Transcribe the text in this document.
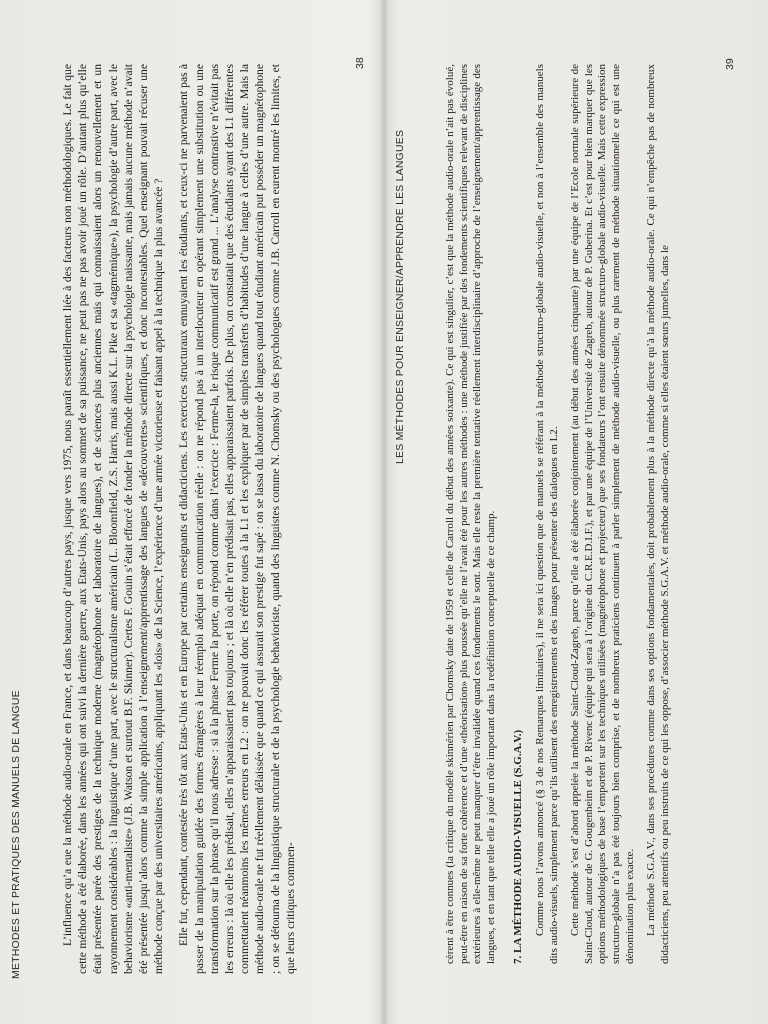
METHODES ET PRATIQUES DES MANUELS DE LANGUE
38

L’influence qu’a eue la méthode audio-orale en France, et dans beaucoup d’autres pays, jusque vers 1975, nous paraît essentiellement liée à des facteurs non méthodologiques. Le fait que cette méthode a été élaborée, dans les années qui ont suivi la dernière guerre, aux Etats-Unis, pays alors au sommet de sa puissance, ne peut pas ne pas avoir joué un rôle. D’autant plus qu’elle était présentée parée des prestiges de la technique moderne (magnétophone et laboratoire de langues), et de sciences plus anciennes mais qui connaissaient alors un renouvellement et un rayonnement considérables : la linguistique d’une part, avec le structuralisme américain (L. Bloomfield, Z.S. Harris, mais aussi K.L. Pike et sa «tagmémique»), la psychologie d’autre part, avec le behaviorisme «anti-mentaliste» (J.B. Watson et surtout B.F. Skinner). Certes F. Gouin s’était efforcé de fonder la méthode directe sur la psychologie naissante, mais jamais aucune méthode n’avait été présentée jusqu’alors comme la simple application à l’enseignement/apprentissage des langues de «découvertes» scientifiques, et donc incontestables. Quel enseignant pouvait récuser une méthode conçue par des universitaires américains, appliquant les «lois» de la Science, l’expérience d’une armée victorieuse et faisant appel à la technique la plus avancée ? Elle fut, cependant, contestée très tôt aux Etats-Unis et en Europe par certains enseignants et didacticiens. Les exercices structuraux ennuyaient les étudiants, et ceux-ci ne parvenaient pas à passer de la manipulation guidée des formes étrangères à leur réemploi adéquat en communication réelle : on ne répond pas à un interlocuteur en opérant simplement une substitution ou une transformation sur la phrase qu’il nous adresse : si à la phrase Ferme la porte, on répond comme dans l’exercice : Ferme-la, le risque communicatif est grand ... L’analyse contrastive n’évitait pas les erreurs : là où elle les prédisait, elles n’apparaissaient pas toujours ; et là où elle n’en prédisait pas, elles apparaissaient parfois. De plus, on constatait que des étudiants ayant des L1 différentes commettaient néanmoins les mêmes erreurs en L2 : on ne pouvait donc les référer toutes à la L1 et les expliquer par de simples transferts d’habitudes d’une langue à celles d’une autre. Mais la méthode audio-orale ne fut réellement délaissée que quand ce qui assurait son prestige fut sapé : on se lassa du laboratoire de langues quand tout étudiant américain put posséder un magnétophone ; on se détourna de la linguistique structurale et de la psychologie behavioriste, quand des linguistes comme N. Chomsky ou des psychologues comme J.B. Carroll en eurent montré les limites, et que leurs critiques commen-

LES MÉTHODES POUR ENSEIGNER/APPRENDRE LES LANGUES
39

cèrent à être connues (la critique du modèle skinnérien par Chomsky date de 1959 et celle de Carroll du début des années soixante). Ce qui est singulier, c’est que la méthode audio-orale n’ait pas évolué, peut-être en raison de sa forte cohérence et d’une «théorisation» plus poussée qu’elle ne l’avait été pour les autres méthodes : une méthode justifiée par des fondements scientifiques relevant de disciplines extérieures à elle-même ne peut manquer d’être invalidée quand ces fondements le sont. Mais elle reste la première tentative réellement interdisciplinaire d’approche de l’enseignement/apprentissage des langues, et en tant que telle elle a joué un rôle important dans la redéfinition conceptuelle de ce champ. 7. LA MÉTHODE AUDIO-VISUELLE (S.G.A.V.) Comme nous l’avons annoncé (§ 3 de nos Remarques liminaires), il ne sera ici question que de manuels se référant à la méthode structuro-globale audio-visuelle, et non à l’ensemble des manuels dits audio-visuels, simplement parce qu’ils utilisent des enregistrements et des images pour présenter des dialogues en L2. Cette méthode s’est d’abord appelée la méthode Saint-Cloud-Zagreb, parce qu’elle a été élaborée conjointement (au début des années cinquante) par une équipe de l’Ecole normale supérieure de Saint-Cloud, autour de G. Gougenheim et de P. Rivenc (équipe qui sera à l’origine du C.R.E.D.I.F.), et par une équipe de l’Université de Zagreb, autour de P. Guberina. Et c’est pour bien marquer que les options méthodologiques de base l’emportent sur les techniques utilisées (magnétophone et projecteur) que ses fondateurs l’ont ensuite dénommée structuro-globale audio-visuelle. Mais cette expression structuro-globale n’a pas été toujours bien comprise, et de nombreux praticiens continuent à parler simplement de méthode audio-visuelle, ou plus rarement de méthode situationnelle ce qui est une dénomination plus exacte. La méthode S.G.A.V., dans ses procédures comme dans ses options fondamentales, doit probablement plus à la méthode directe qu’à la méthode audio-orale. Ce qui n’empêche pas de nombreux didacticiens, peu attentifs ou peu instruits de ce qui les oppose, d’associer méthode S.G.A.V. et méthode audio-orale, comme si elles étaient sœurs jumelles, dans le
